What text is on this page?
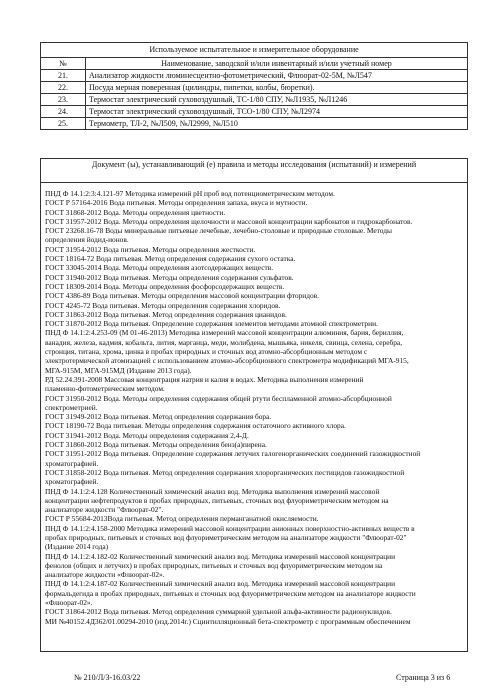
Используемое испытательное и измерительное оборудование	
№	Наименование, заводской и/или инвентарный и/или учетный номер
21.	Анализатор жидкости люминесцентно-фотометрический, Флюорат-02-5М, №Л547
22.	Посуда мерная поверенная (цилиндры, пипетки, колбы, бюретки).
23.	Термостат электрический суховоздушный, ТС-1/80 СПУ, №Л1935, №Л1246
24.	Термостат электрический суховоздушный, ТСО-1/80 СПУ, №Л2974
25.	Термометр, ТЛ-2, №Л509, №Л2999, №Л510
Документ (ы), устанавливающий (е) правила и методы исследования (испытаний) и измерений
ПНД Ф 14.1:2:3:4.121-97 Методика измерений рН проб вод потенциометрическим методом.
ГОСТ Р 57164-2016 Вода питьевая. Методы определения запаха, вкуса и мутности.
ГОСТ 31868-2012 Вода. Методы определения цветности.
ГОСТ 31957-2012 Вода. Методы определения щелочности и массовой концентрации карбонатов и гидрокарбонатов.
ГОСТ 23268.16-78 Воды минеральные питьевые лечебные, лечебно-столовые и природные столовые. Методы
определения йодид-ионов.
ГОСТ 31954-2012 Вода питьевая. Методы определения жесткости.
ГОСТ 18164-72 Вода питьевая. Метод определения содержания сухого остатка.
ГОСТ 33045-2014 Вода. Методы определения азотсодержащих веществ.
ГОСТ 31940-2012 Вода питьевая. Методы определения содержания сульфатов.
ГОСТ 18309-2014 Вода. Методы определения фосфорсодержащих веществ.
ГОСТ 4386-89 Вода питьевая. Методы определения массовой концентрации фторидов.
ГОСТ 4245-72 Вода питьевая. Методы определения содержания хлоридов.
ГОСТ 31863-2012 Вода питьевая. Метод определения содержания цианидов.
ГОСТ 31870-2012 Вода питьевая. Определение содержания элементов методами атомной спектрометрии.
ПНД Ф 14.1:2:4.253-09 (М 01-46-2013) Методика измерений массовой концентрации алюминия, бария, бериллия,
ванадия, железа, кадмия, кобальта, лития, марганца, меди, молибдена, мышьяка, никеля, свинца, селена, серебра,
стронция, титана, хрома, цинка в пробах природных и сточных вод атомно-абсорбционным методом с
электротермической атомизацией с использованием атомно-абсорбционного спектрометра модификаций МГА-915,
МГА-915М, МГА-915МД (Издание 2013 года).
РД 52.24.391-2008 Массовая концентрация натрия и калия в водах. Методика выполнения измерений
пламенно-фотометрическим методом.
ГОСТ 31950-2012 Вода. Методы определения содержания общей ртути беспламенной атомно-абсорбционной
спектрометрией.
ГОСТ 31949-2012 Вода питьевая. Метод определения содержания бора.
ГОСТ 18190-72 Вода питьевая. Методы определения содержания остаточного активного хлора.
ГОСТ 31941-2012 Вода. Методы определения содержания 2,4-Д.
ГОСТ 31860-2012 Вода питьевая. Методы определения бенз(а)пирена.
ГОСТ 31951-2012 Вода питьевая. Определение содержания летучих галогенорганических соединений газожидкостной
хроматографией.
ГОСТ 31858-2012 Вода питьевая. Метод определения содержания хлорорганических пестицидов газожидкостной
хроматографией.
ПНД Ф 14.1:2:4.128 Количественный химический анализ вод. Методика выполнения измерений массовой
концентрации нефтепродуктов в пробах природных, питьевых, сточных вод флуориметрическим методом на
анализаторе жидкости "Флюорат-02".
ГОСТ Р 55684-2013Вода питьевая. Метод определения перманганатной окисляемости.
ПНД Ф 14.1:2:4.158-2000 Методика измерений массовой концентрации анионных поверхностно-активных веществ в
пробах природных, питьевых и сточных вод флуориметрическим методом на анализаторе жидкости "Флюорат-02"
(Издание 2014 года)
ПНД Ф 14.1:2:4.182-02 Количественный химический анализ вод. Методика измерений массовой концентрации
фенолов (общих и летучих) в пробах природных, питьевых и сточных вод флуориметрическим методом на
анализаторе жидкости «Флюорат-02».
ПНД Ф 14.1:2:4.187-02 Количественный химический анализ вод. Методика измерений массовой концентрации
формальдегида в пробах природных, питьевых и сточных вод флуориметрическим методом на анализаторе жидкости
«Флюорат-02».
ГОСТ 31864-2012 Вода питьевая. Метод определения суммарной удельной альфа-активности радионуклидов.
МИ №40152.4Д362/01.00294-2010 (изд.2014г.) Сцинтилляционный бета-спектрометр с программным обеспечением
№ 210/Л/З-16.03/22	Страница 3 из 6
